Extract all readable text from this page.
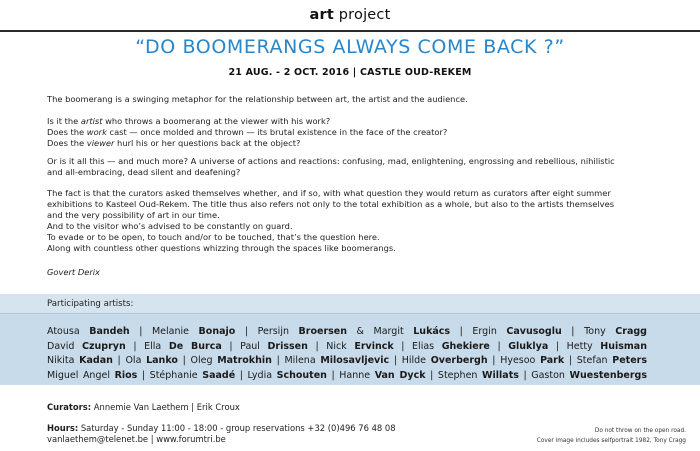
art project
“DO BOOMERANGS ALWAYS COME BACK ?”
21 AUG. - 2 OCT. 2016 | CASTLE OUD-REKEM
The boomerang is a swinging metaphor for the relationship between art, the artist and the audience.
Is it the artist who throws a boomerang at the viewer with his work?
Does the work cast — once molded and thrown — its brutal existence in the face of the creator?
Does the viewer hurl his or her questions back at the object?
Or is it all this — and much more? A universe of actions and reactions: confusing, mad, enlightening, engrossing and rebellious, nihilistic
and all-embracing, dead silent and deafening?
The fact is that the curators asked themselves whether, and if so, with what question they would return as curators after eight summer
exhibitions to Kasteel Oud-Rekem. The title thus also refers not only to the total exhibition as a whole, but also to the artists themselves
and the very possibility of art in our time.
And to the visitor who’s advised to be constantly on guard.
To evade or to be open, to touch and/or to be touched, that’s the question here.
Along with countless other questions whizzing through the spaces like boomerangs.
Govert Derix
Participating artists:
Atousa Bandeh | Melanie Bonajo | Persijn Broersen & Margit Lukács | Ergin Cavusoglu | Tony Cragg
David Czupryn | Ella De Burca | Paul Drissen | Nick Ervinck | Elias Ghekiere | Gluklya | Hetty Huisman
Nikita Kadan | Ola Lanko | Oleg Matrokhin | Milena Milosavljevic | Hilde Overbergh | Hyesoo Park | Stefan Peters
Miguel Angel Rios | Stéphanie Saadé | Lydia Schouten | Hanne Van Dyck | Stephen Willats | Gaston Wuestenbergs
Curators: Annemie Van Laethem | Erik Croux
Hours: Saturday - Sunday 11:00 - 18:00 - group reservations +32 (0)496 76 48 08
vanlaethem@telenet.be | www.forumtri.be
Do not throw on the open road.
Cover image includes selfportrait 1982, Tony Cragg
